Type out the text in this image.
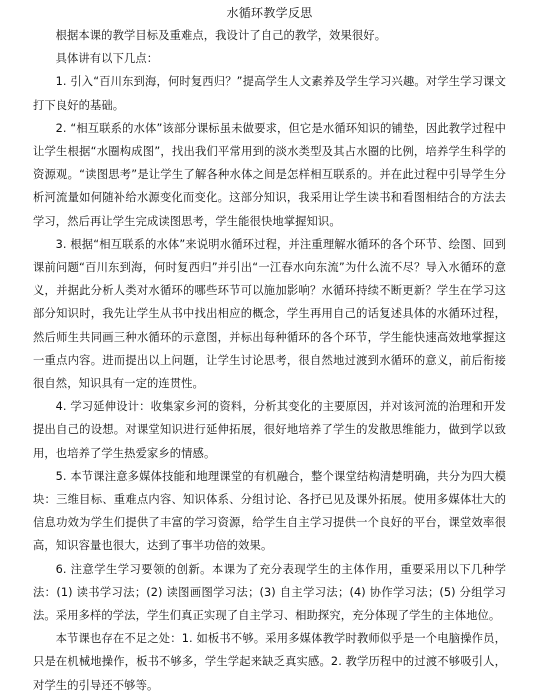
水循环教学反思

根据本课的教学目标及重难点，我设计了自己的教学，效果很好。

具体讲有以下几点：

1. 引入“百川东到海，何时复西归？”提高学生人文素养及学生学习兴趣。对学生学习课文打下良好的基础。

2. “相互联系的水体”该部分课标虽未做要求，但它是水循环知识的铺垫，因此教学过程中让学生根据“水圈构成图”，找出我们平常用到的淡水类型及其占水圈的比例，培养学生科学的资源观。“读图思考”是让学生了解各种水体之间是怎样相互联系的。并在此过程中引导学生分析河流量如何随补给水源变化而变化。这部分知识，我采用让学生读书和看图相结合的方法去学习，然后再让学生完成读图思考，学生能很快地掌握知识。

3. 根据“相互联系的水体”来说明水循环过程，并注重理解水循环的各个环节、绘图、回到课前问题“百川东到海，何时复西归”并引出“一江春水向东流”为什么流不尽？导入水循环的意义，并据此分析人类对水循环的哪些环节可以施加影响？水循环持续不断更新？学生在学习这部分知识时，我先让学生从书中找出相应的概念，学生再用自己的话复述具体的水循环过程，然后师生共同画三种水循环的示意图，并标出每种循环的各个环节，学生能快速高效地掌握这一重点内容。进而提出以上问题，让学生讨论思考，很自然地过渡到水循环的意义，前后衔接很自然，知识具有一定的连贯性。

4. 学习延伸设计：收集家乡河的资料，分析其变化的主要原因，并对该河流的治理和开发提出自己的设想。对课堂知识进行延伸拓展，很好地培养了学生的发散思维能力，做到学以致用，也培养了学生热爱家乡的情感。

5. 本节课注意多媒体技能和地理课堂的有机融合，整个课堂结构清楚明确，共分为四大模块：三维目标、重难点内容、知识体系、分组讨论、各抒已见及课外拓展。使用多媒体壮大的信息功效为学生们提供了丰富的学习资源，给学生自主学习提供一个良好的平台，课堂效率很高，知识容量也很大，达到了事半功倍的效果。

6. 注意学生学习要领的创新。本课为了充分表现学生的主体作用，重要采用以下几种学法：(1) 读书学习法；(2) 读图画图学习法；(3) 自主学习法；(4) 协作学习法；(5) 分组学习法。采用多样的学法，学生们真正实现了自主学习、相助探究，充分体现了学生的主体地位。

本节课也存在不足之处：1. 如板书不够。采用多媒体教学时教师似乎是一个电脑操作员，只是在机械地操作，板书不够多，学生学起来缺乏真实感。2. 教学历程中的过渡不够吸引人，对学生的引导还不够等。
